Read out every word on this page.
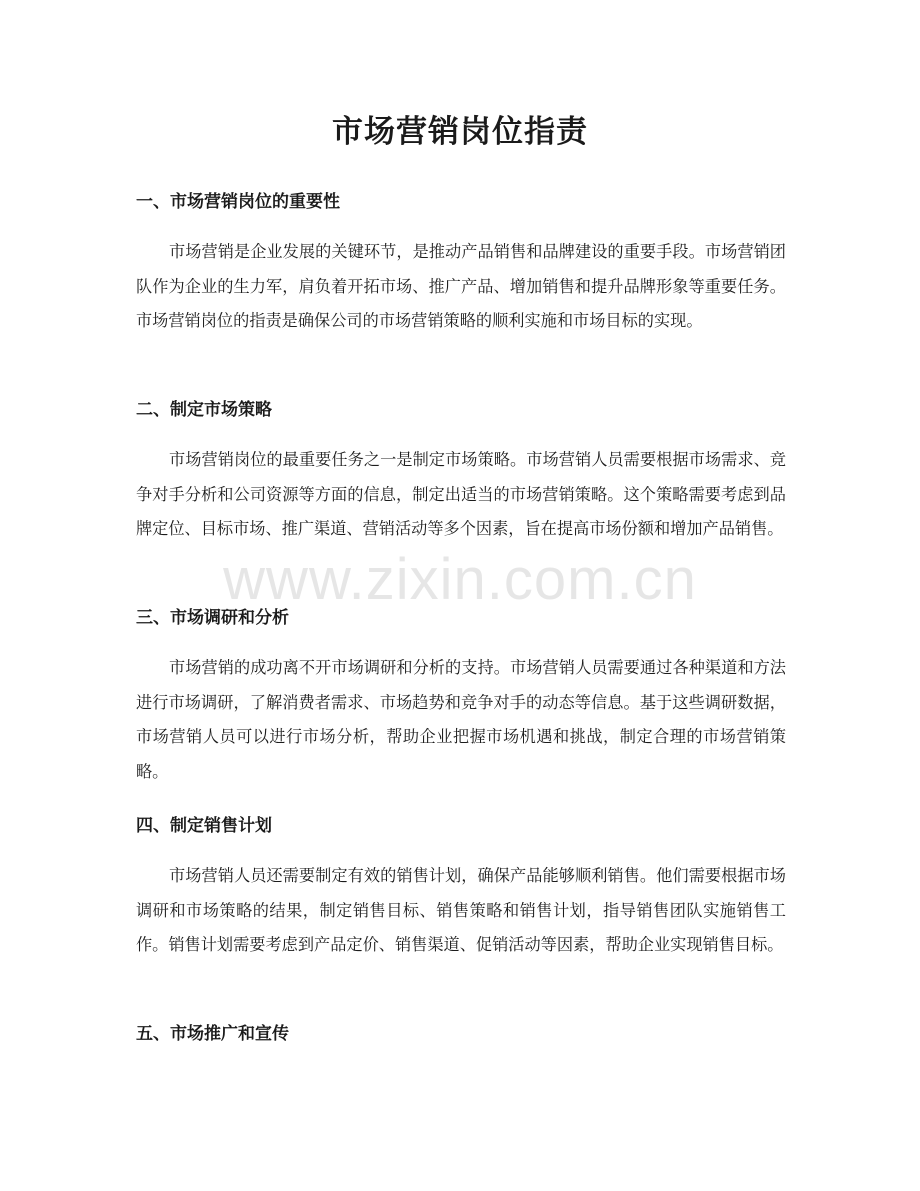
市场营销岗位指责
一、市场营销岗位的重要性

市场营销是企业发展的关键环节，是推动产品销售和品牌建设的重要手段。市场营销团队作为企业的生力军，肩负着开拓市场、推广产品、增加销售和提升品牌形象等重要任务。市场营销岗位的指责是确保公司的市场营销策略的顺利实施和市场目标的实现。

二、制定市场策略

市场营销岗位的最重要任务之一是制定市场策略。市场营销人员需要根据市场需求、竞争对手分析和公司资源等方面的信息，制定出适当的市场营销策略。这个策略需要考虑到品牌定位、目标市场、推广渠道、营销活动等多个因素，旨在提高市场份额和增加产品销售。

三、市场调研和分析

市场营销的成功离不开市场调研和分析的支持。市场营销人员需要通过各种渠道和方法进行市场调研，了解消费者需求、市场趋势和竞争对手的动态等信息。基于这些调研数据，市场营销人员可以进行市场分析，帮助企业把握市场机遇和挑战，制定合理的市场营销策略。

四、制定销售计划

市场营销人员还需要制定有效的销售计划，确保产品能够顺利销售。他们需要根据市场调研和市场策略的结果，制定销售目标、销售策略和销售计划，指导销售团队实施销售工作。销售计划需要考虑到产品定价、销售渠道、促销活动等因素，帮助企业实现销售目标。

五、市场推广和宣传
www.zixin.com.cn
